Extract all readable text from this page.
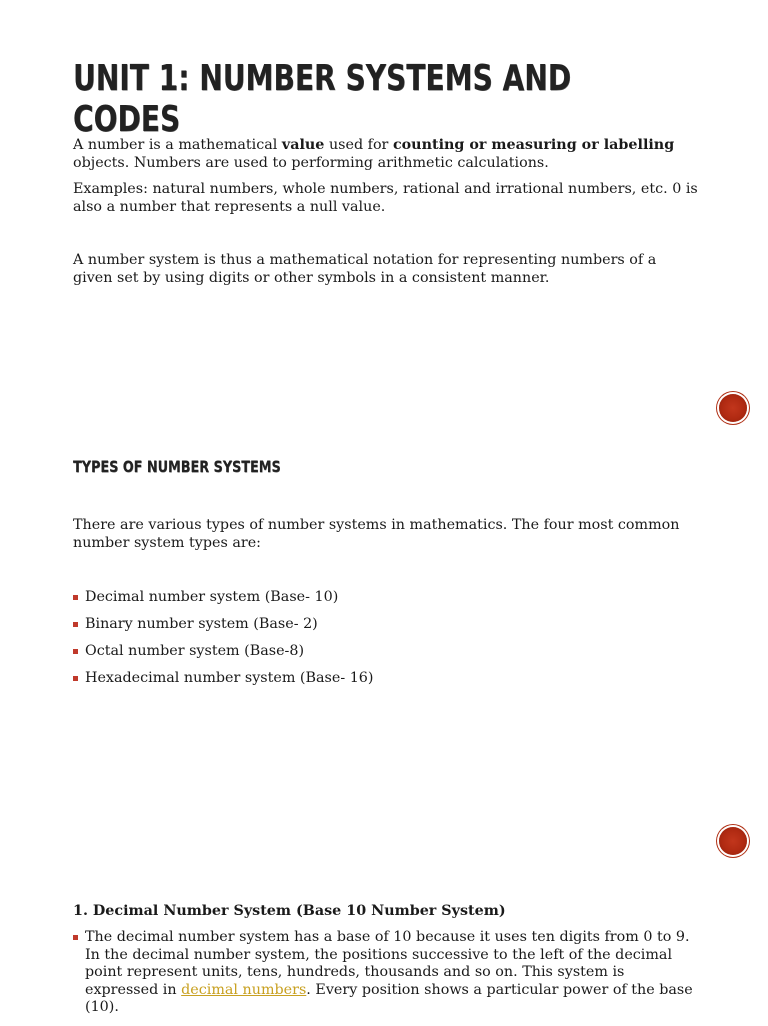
UNIT 1: NUMBER SYSTEMS AND CODES

A number is a mathematical value used for counting or measuring or labelling objects. Numbers are used to performing arithmetic calculations.

Examples: natural numbers, whole numbers, rational and irrational numbers, etc. 0 is also a number that represents a null value.

A number system is thus a mathematical notation for representing numbers of a given set by using digits or other symbols in a consistent manner.

TYPES OF NUMBER SYSTEMS

There are various types of number systems in mathematics. The four most common number system types are:

Decimal number system (Base- 10)
Binary number system (Base- 2)
Octal number system (Base-8)
Hexadecimal number system (Base- 16)
1. Decimal Number System (Base 10 Number System)
The decimal number system has a base of 10 because it uses ten digits from 0 to 9. In the decimal number system, the positions successive to the left of the decimal point represent units, tens, hundreds, thousands and so on. This system is expressed in decimal numbers. Every position shows a particular power of the base (10).
